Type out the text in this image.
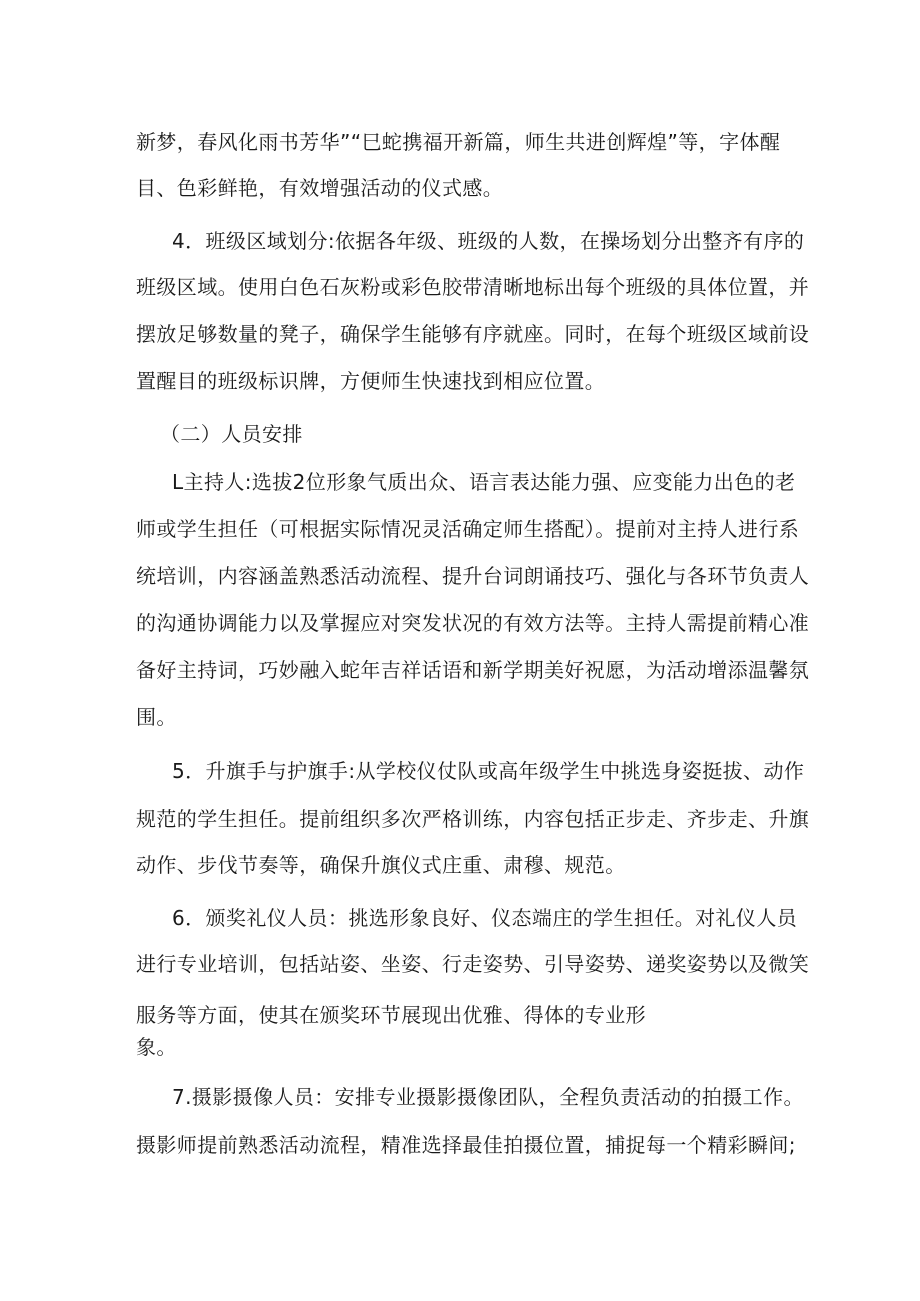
新梦，春风化雨书芳华”“巳蛇携福开新篇，师生共进创辉煌”等，字体醒
目、色彩鲜艳，有效增强活动的仪式感。
4．班级区域划分:依据各年级、班级的人数，在操场划分出整齐有序的
班级区域。使用白色石灰粉或彩色胶带清晰地标出每个班级的具体位置，并
摆放足够数量的凳子，确保学生能够有序就座。同时，在每个班级区域前设
置醒目的班级标识牌，方便师生快速找到相应位置。
（二）人员安排
L主持人:选拔2位形象气质出众、语言表达能力强、应变能力出色的老
师或学生担任（可根据实际情况灵活确定师生搭配）。提前对主持人进行系
统培训，内容涵盖熟悉活动流程、提升台词朗诵技巧、强化与各环节负责人
的沟通协调能力以及掌握应对突发状况的有效方法等。主持人需提前精心准
备好主持词，巧妙融入蛇年吉祥话语和新学期美好祝愿，为活动增添温馨氛
围。
5．升旗手与护旗手:从学校仪仗队或高年级学生中挑选身姿挺拔、动作
规范的学生担任。提前组织多次严格训练，内容包括正步走、齐步走、升旗
动作、步伐节奏等，确保升旗仪式庄重、肃穆、规范。
6．颁奖礼仪人员：挑选形象良好、仪态端庄的学生担任。对礼仪人员
进行专业培训，包括站姿、坐姿、行走姿势、引导姿势、递奖姿势以及微笑
服务等方面，使其在颁奖环节展现出优雅、得体的专业形
象。
7.摄影摄像人员：安排专业摄影摄像团队，全程负责活动的拍摄工作。
摄影师提前熟悉活动流程，精准选择最佳拍摄位置，捕捉每一个精彩瞬间;
